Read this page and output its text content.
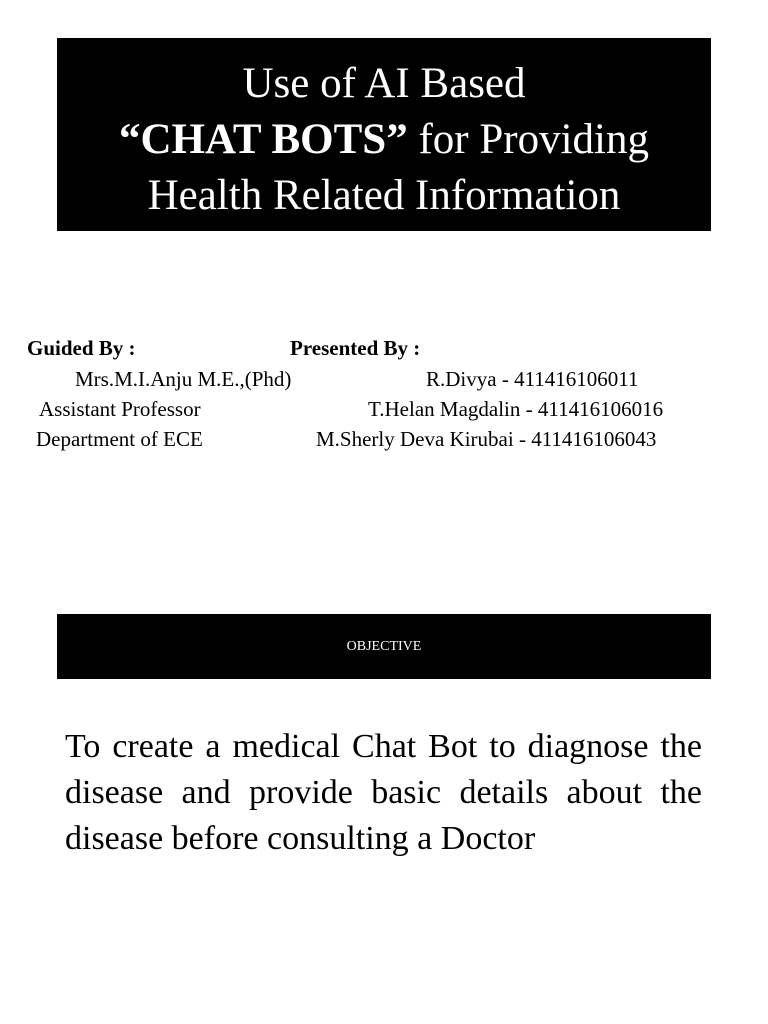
Use of AI Based
“CHAT BOTS” for Providing
Health Related Information
Guided By :	Presented By :
Mrs.M.I.Anju M.E.,(Phd)
Assistant Professor
Department of ECE
R.Divya - 411416106011
T.Helan Magdalin - 411416106016
M.Sherly Deva Kirubai - 411416106043
OBJECTIVE
To create a medical Chat Bot to diagnose the disease and provide basic details about the disease before consulting a Doctor
